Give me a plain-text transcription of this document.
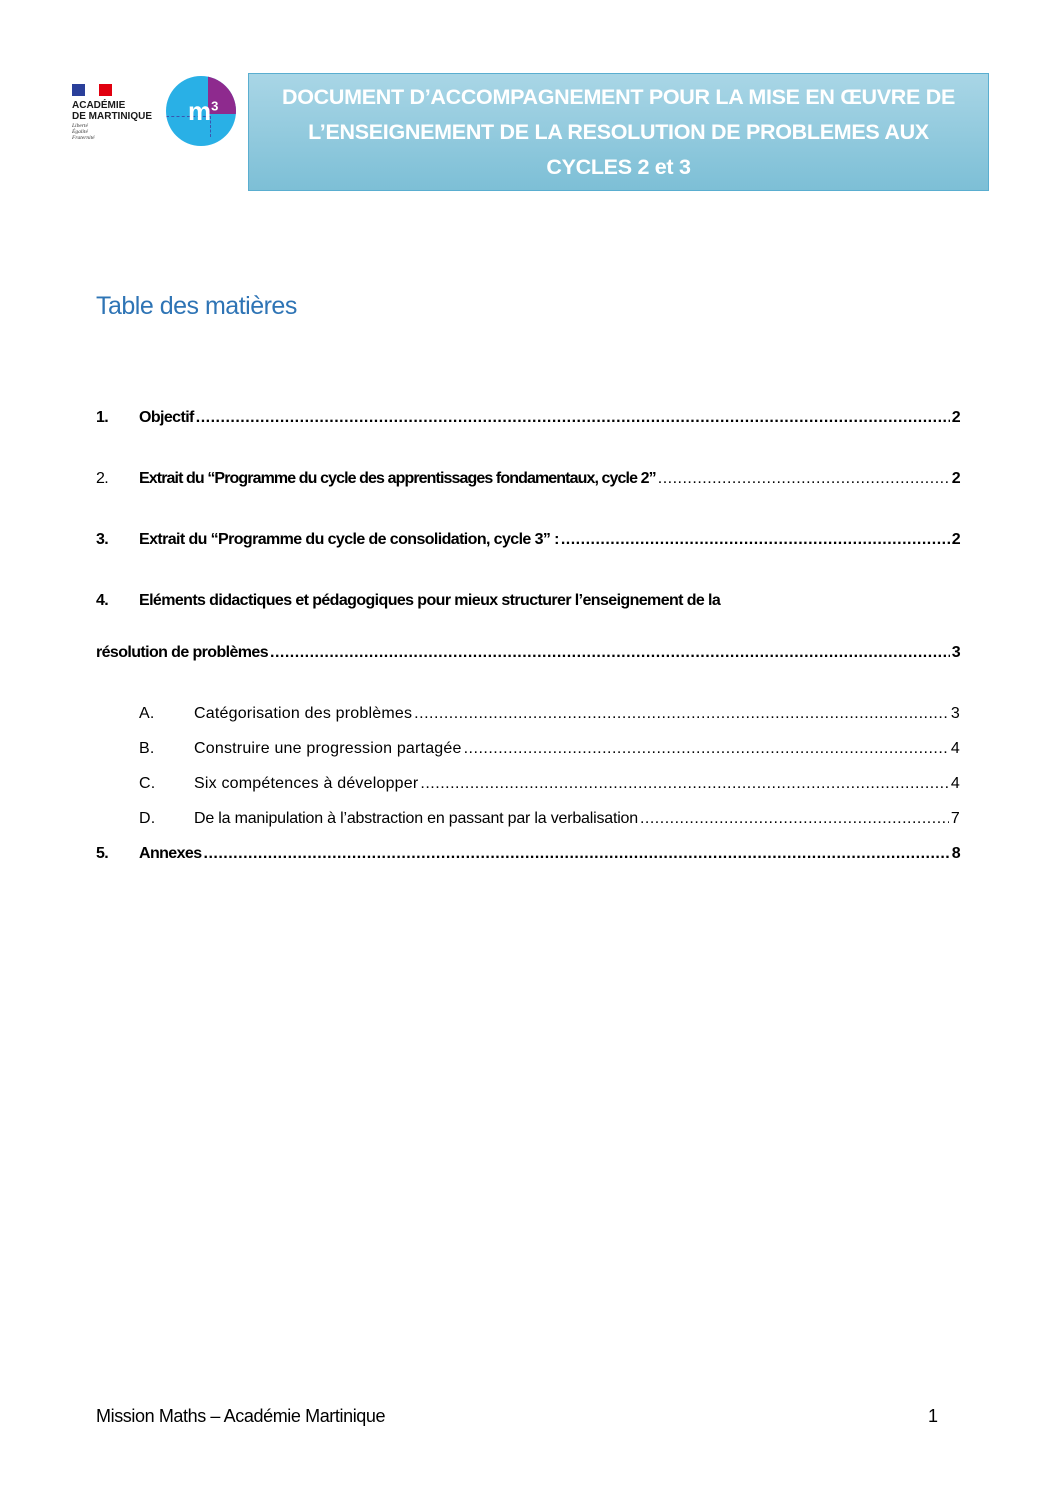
ACADÉMIE
DE MARTINIQUE
Liberté
Égalité
Fraternité
$m^3$	DOCUMENT D’ACCOMPAGNEMENT POUR LA MISE EN ŒUVRE DE L’ENSEIGNEMENT DE LA RESOLUTION DE PROBLEMES AUX CYCLES 2 et 3
Table des matières
1.	Objectif .....	2
2.	Extrait du “Programme du cycle des apprentissages fondamentaux, cycle 2” .....	2
3.	Extrait du “Programme du cycle de consolidation, cycle 3” : .....	2
4.	Eléments didactiques et pédagogiques pour mieux structurer l’enseignement de la
résolution de problèmes .....	3
A.	Catégorisation des problèmes .....	3
B.	Construire une progression partagée .....	4
C.	Six compétences à développer .....	4
D.	De la manipulation à l’abstraction en passant par la verbalisation .....	7
5.	Annexes .....	8
Mission Maths – Académie Martinique	1
